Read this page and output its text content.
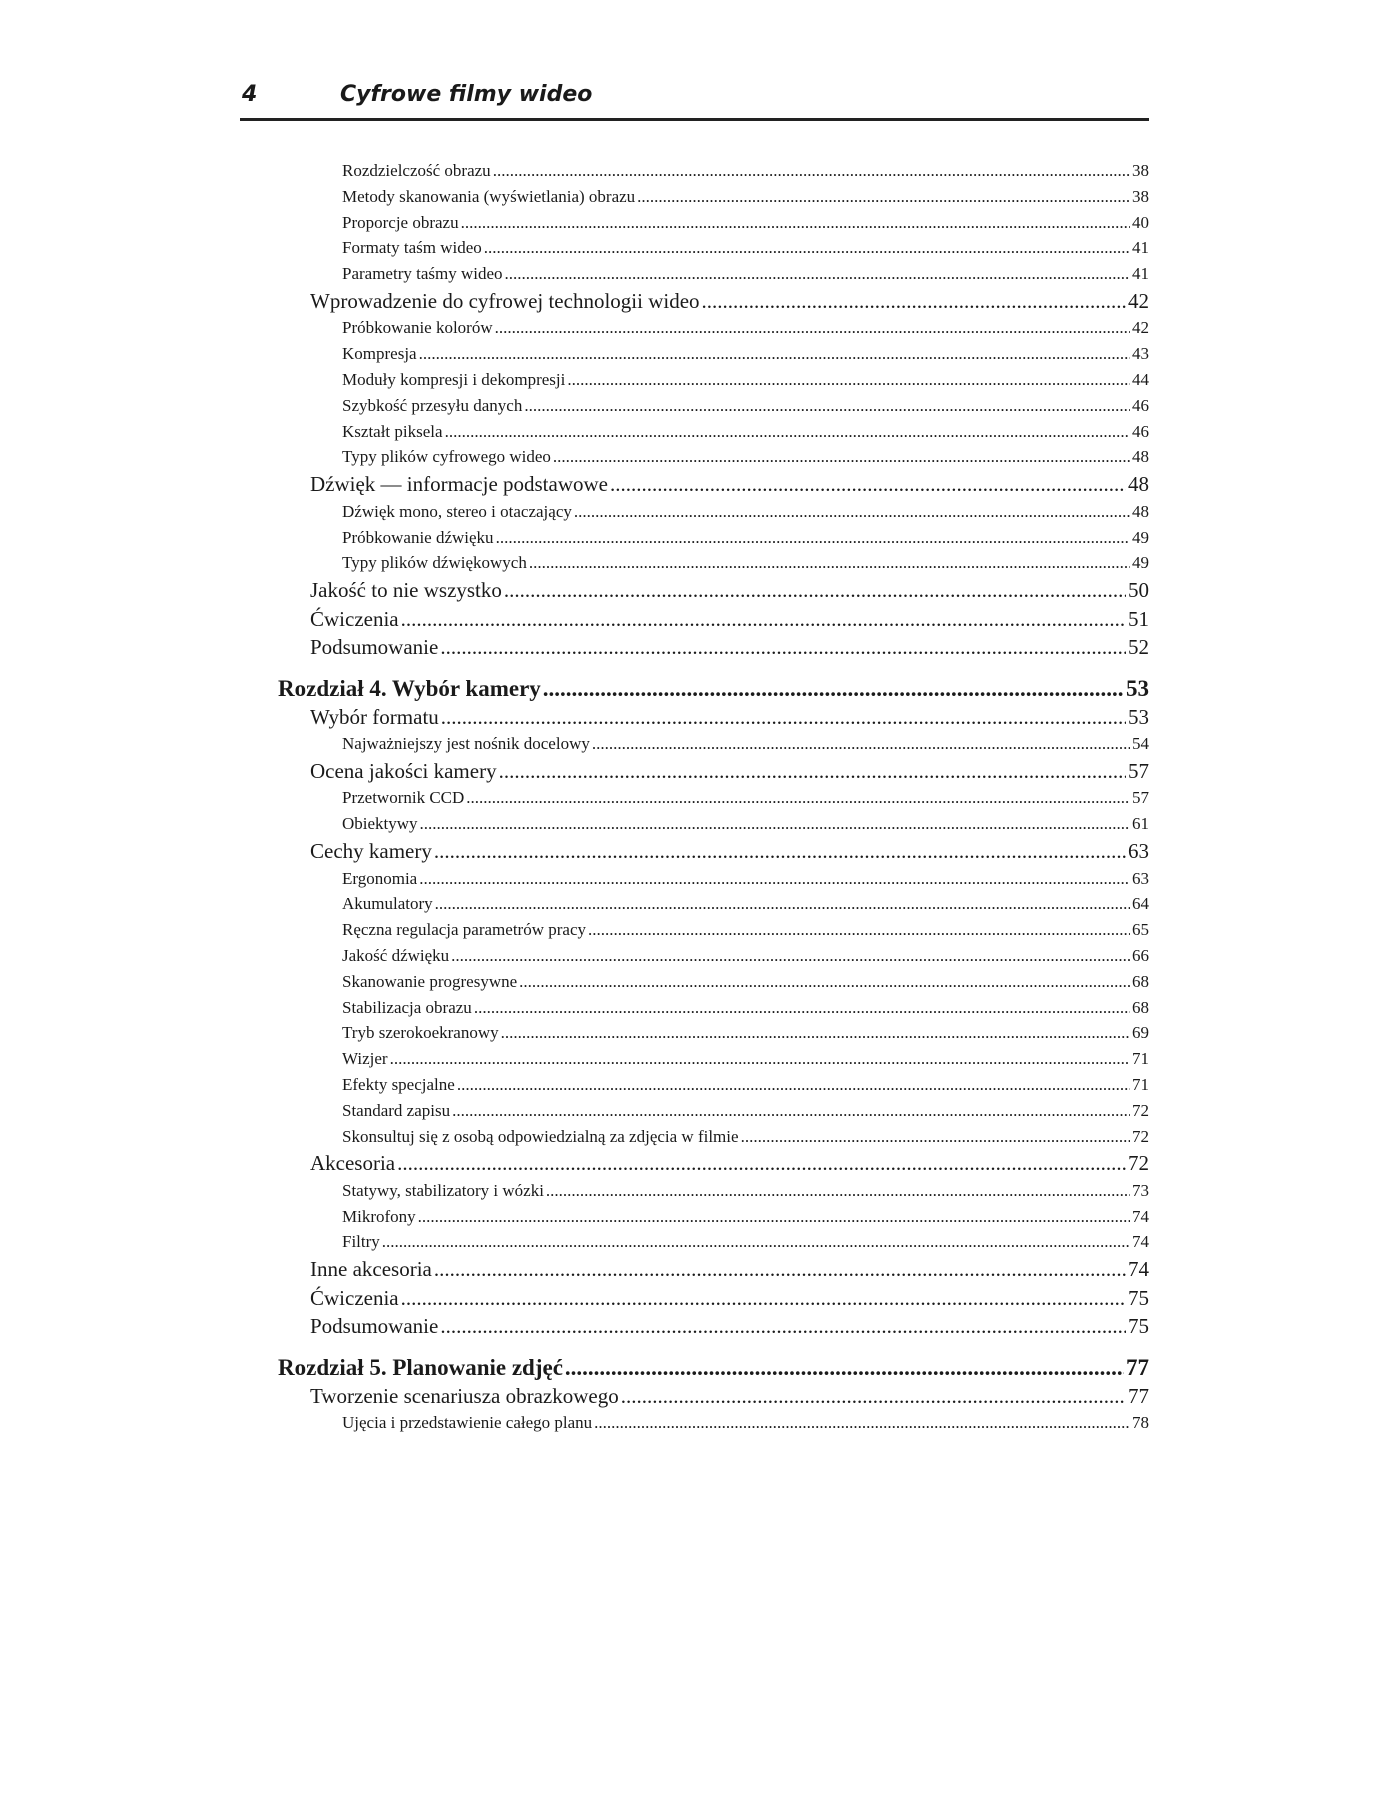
4	Cyfrowe filmy wideo
Rozdzielczość obrazu .....	38
Metody skanowania (wyświetlania) obrazu .....	38
Proporcje obrazu .....	40
Formaty taśm wideo .....	41
Parametry taśmy wideo .....	41
Wprowadzenie do cyfrowej technologii wideo .....	42
Próbkowanie kolorów .....	42
Kompresja .....	43
Moduły kompresji i dekompresji .....	44
Szybkość przesyłu danych .....	46
Kształt piksela .....	46
Typy plików cyfrowego wideo .....	48
Dźwięk — informacje podstawowe .....	48
Dźwięk mono, stereo i otaczający .....	48
Próbkowanie dźwięku .....	49
Typy plików dźwiękowych .....	49
Jakość to nie wszystko .....	50
Ćwiczenia .....	51
Podsumowanie .....	52
Rozdział 4. Wybór kamery .....	53
Wybór formatu .....	53
Najważniejszy jest nośnik docelowy .....	54
Ocena jakości kamery .....	57
Przetwornik CCD .....	57
Obiektywy .....	61
Cechy kamery .....	63
Ergonomia .....	63
Akumulatory .....	64
Ręczna regulacja parametrów pracy .....	65
Jakość dźwięku .....	66
Skanowanie progresywne .....	68
Stabilizacja obrazu .....	68
Tryb szerokoekranowy .....	69
Wizjer .....	71
Efekty specjalne .....	71
Standard zapisu .....	72
Skonsultuj się z osobą odpowiedzialną za zdjęcia w filmie .....	72
Akcesoria .....	72
Statywy, stabilizatory i wózki .....	73
Mikrofony .....	74
Filtry .....	74
Inne akcesoria .....	74
Ćwiczenia .....	75
Podsumowanie .....	75
Rozdział 5. Planowanie zdjęć .....	77
Tworzenie scenariusza obrazkowego .....	77
Ujęcia i przedstawienie całego planu .....	78
